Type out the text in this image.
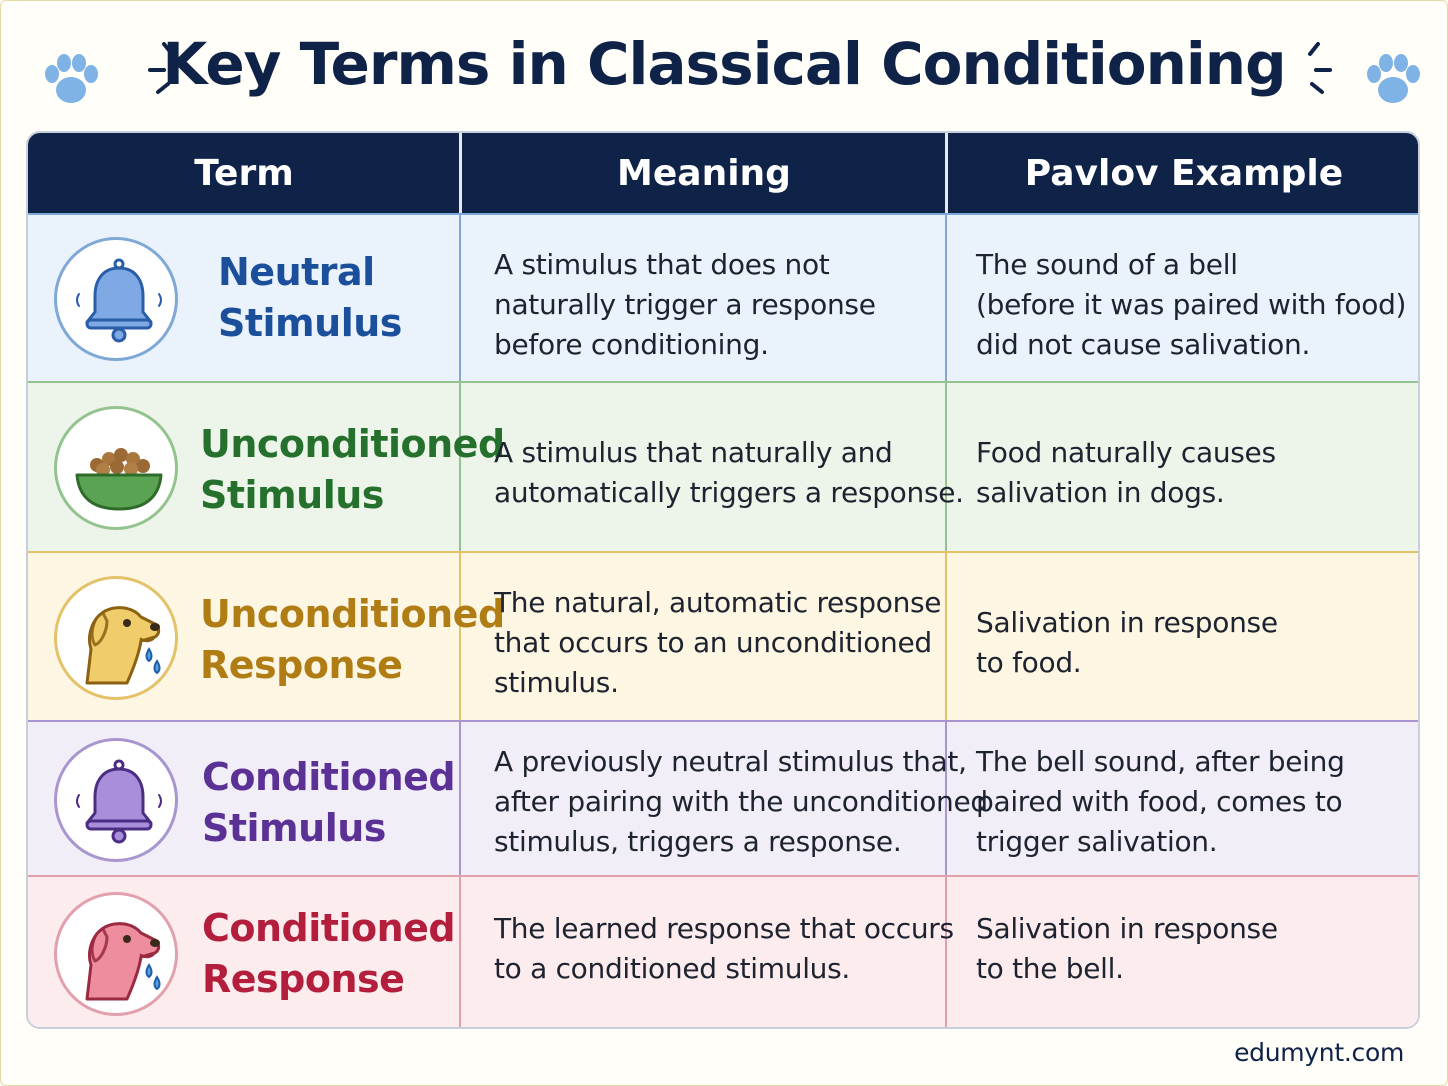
Key Terms in Classical Conditioning
Term	Meaning	Pavlov Example
Neutral
Stimulus
A stimulus that does not
naturally trigger a response
before conditioning.
The sound of a bell
(before it was paired with food)
did not cause salivation.
Unconditioned
Stimulus
A stimulus that naturally and
automatically triggers a response.
Food naturally causes
salivation in dogs.
Unconditioned
Response
The natural, automatic response
that occurs to an unconditioned
stimulus.
Salivation in response
to food.
Conditioned
Stimulus
A previously neutral stimulus that,
after pairing with the unconditioned
stimulus, triggers a response.
The bell sound, after being
paired with food, comes to
trigger salivation.
Conditioned
Response
The learned response that occurs
to a conditioned stimulus.
Salivation in response
to the bell.
edumynt.com
